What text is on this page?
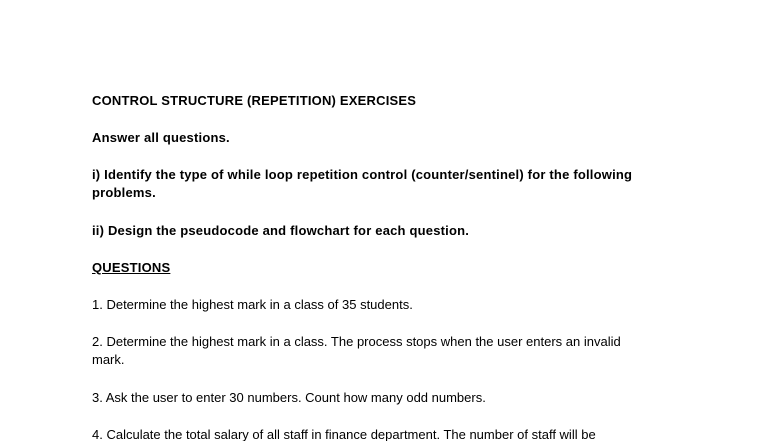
CONTROL STRUCTURE (REPETITION) EXERCISES
Answer all questions.
i) Identify the type of while loop repetition control (counter/sentinel) for the following
problems.
ii) Design the pseudocode and flowchart for each question.
QUESTIONS
1. Determine the highest mark in a class of 35 students.
2. Determine the highest mark in a class. The process stops when the user enters an invalid
mark.
3. Ask the user to enter 30 numbers. Count how many odd numbers.
4. Calculate the total salary of all staff in finance department. The number of staff will be
